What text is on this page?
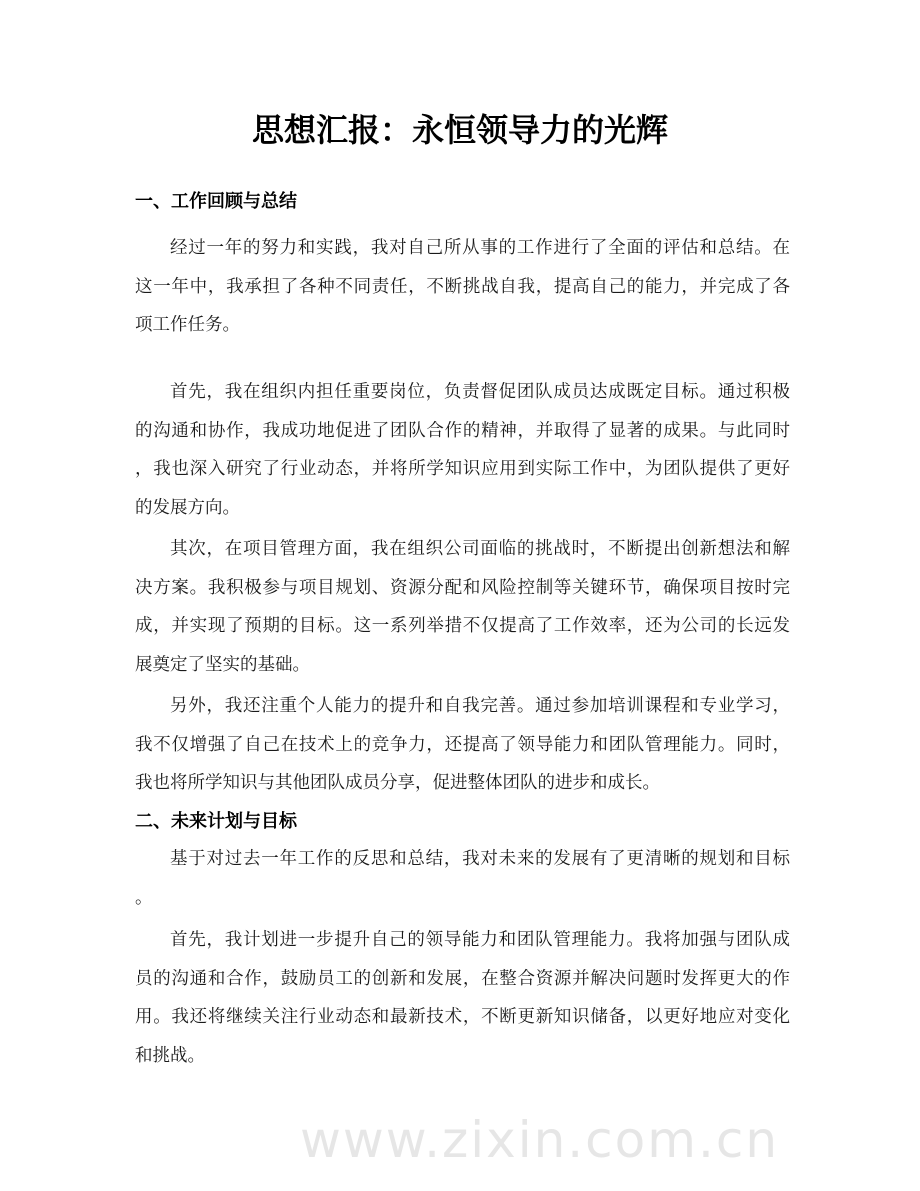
思想汇报：永恒领导力的光辉
一、工作回顾与总结
经过一年的努力和实践，我对自己所从事的工作进行了全面的评估和总结。在
这一年中，我承担了各种不同责任，不断挑战自我，提高自己的能力，并完成了各
项工作任务。
首先，我在组织内担任重要岗位，负责督促团队成员达成既定目标。通过积极
的沟通和协作，我成功地促进了团队合作的精神，并取得了显著的成果。与此同时
，我也深入研究了行业动态，并将所学知识应用到实际工作中，为团队提供了更好
的发展方向。
其次，在项目管理方面，我在组织公司面临的挑战时，不断提出创新想法和解
决方案。我积极参与项目规划、资源分配和风险控制等关键环节，确保项目按时完
成，并实现了预期的目标。这一系列举措不仅提高了工作效率，还为公司的长远发
展奠定了坚实的基础。
另外，我还注重个人能力的提升和自我完善。通过参加培训课程和专业学习，
我不仅增强了自己在技术上的竞争力，还提高了领导能力和团队管理能力。同时，
我也将所学知识与其他团队成员分享，促进整体团队的进步和成长。
二、未来计划与目标
基于对过去一年工作的反思和总结，我对未来的发展有了更清晰的规划和目标
。
首先，我计划进一步提升自己的领导能力和团队管理能力。我将加强与团队成
员的沟通和合作，鼓励员工的创新和发展，在整合资源并解决问题时发挥更大的作
用。我还将继续关注行业动态和最新技术，不断更新知识储备，以更好地应对变化
和挑战。
www.zixin.com.cn
